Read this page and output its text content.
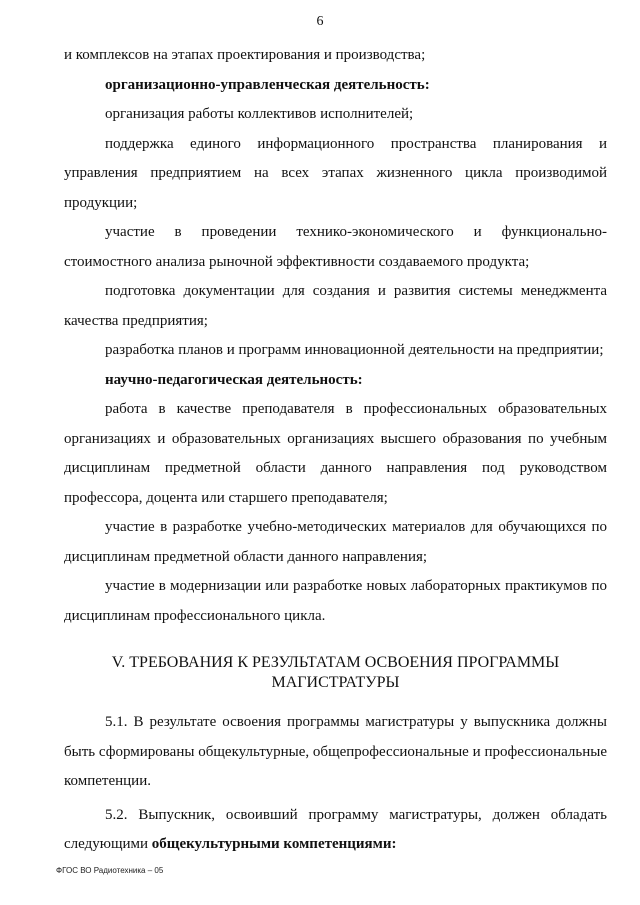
6

и комплексов на этапах проектирования и производства;

организационно-управленческая деятельность:

организация работы коллективов исполнителей;

поддержка единого информационного пространства планирования и управления предприятием на всех этапах жизненного цикла производимой продукции;

участие в проведении технико-экономического и функционально-стоимостного анализа рыночной эффективности создаваемого продукта;

подготовка документации для создания и развития системы менеджмента качества предприятия;

разработка планов и программ инновационной деятельности на предприятии;

научно-педагогическая деятельность:

работа в качестве преподавателя в профессиональных образовательных организациях и образовательных организациях высшего образования по учебным дисциплинам предметной области данного направления под руководством профессора, доцента или старшего преподавателя;

участие в разработке учебно-методических материалов для обучающихся по дисциплинам предметной области данного направления;

участие в модернизации или разработке новых лабораторных практикумов по дисциплинам профессионального цикла.

V. ТРЕБОВАНИЯ К РЕЗУЛЬТАТАМ ОСВОЕНИЯ ПРОГРАММЫ
МАГИСТРАТУРЫ

5.1. В результате освоения программы магистратуры у выпускника должны быть сформированы общекультурные, общепрофессиональные и профессиональные компетенции.

5.2. Выпускник, освоивший программу магистратуры, должен обладать следующими общекультурными компетенциями:

ФГОС ВО Радиотехника – 05
